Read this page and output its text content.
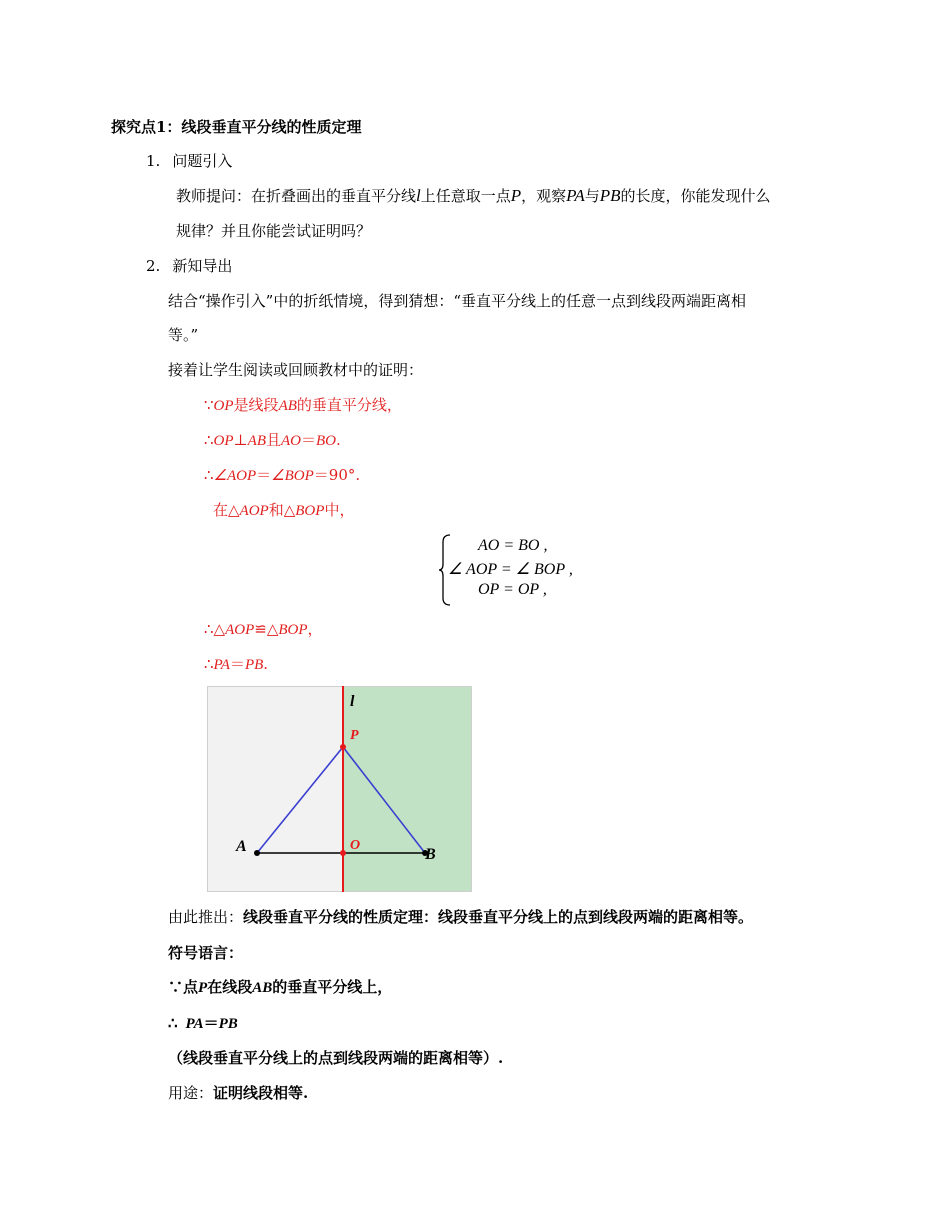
探究点1：线段垂直平分线的性质定理
1. 问题引入
教师提问：在折叠画出的垂直平分线l上任意取一点P，观察PA与PB的长度，你能发现什么
规律？并且你能尝试证明吗？
2. 新知导出
结合“操作引入”中的折纸情境，得到猜想：“垂直平分线上的任意一点到线段两端距离相
等。”
接着让学生阅读或回顾教材中的证明：
∵OP是线段AB的垂直平分线，
∴OP⊥AB且AO＝BO.
∴∠AOP＝∠BOP＝90°.
在△AOP和△BOP中，
AO = BO ,
∠ AOP = ∠ BOP ,
OP = OP ,
∴△AOP≌△BOP，
∴PA＝PB.
l
P
O
A	B
由此推出：线段垂直平分线的性质定理：线段垂直平分线上的点到线段两端的距离相等。
符号语言：
∵点P在线段AB的垂直平分线上，
∴ PA＝PB
（线段垂直平分线上的点到线段两端的距离相等）.
用途：证明线段相等.
